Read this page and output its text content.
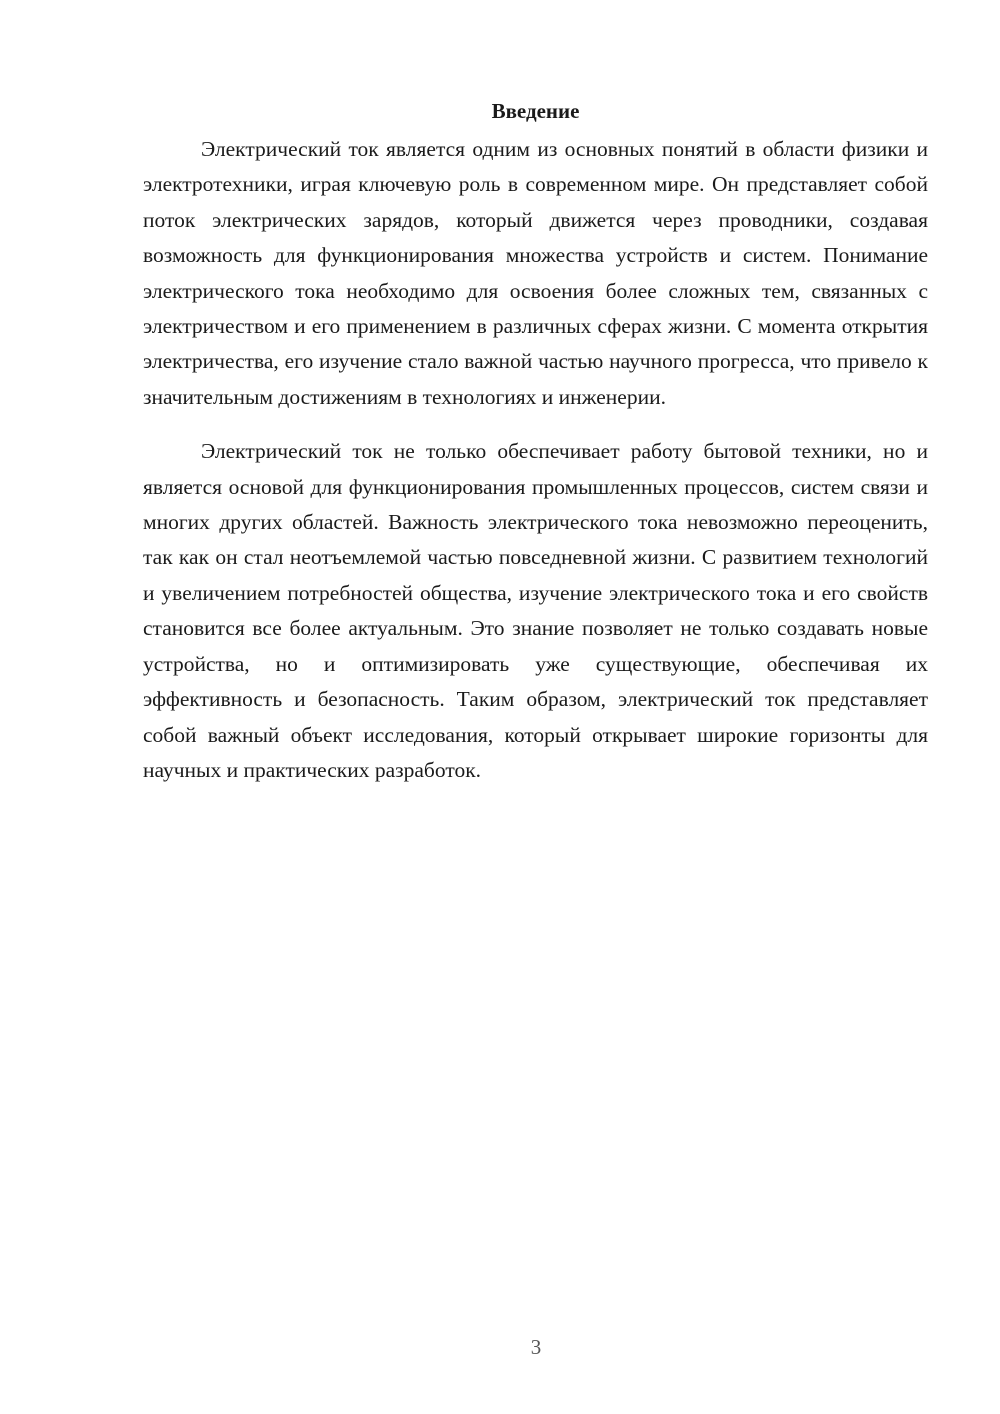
Введение

Электрический ток является одним из основных понятий в области физики и электротехники, играя ключевую роль в современном мире. Он представляет собой поток электрических зарядов, который движется через проводники, создавая возможность для функционирования множества устройств и систем. Понимание электрического тока необходимо для освоения более сложных тем, связанных с электричеством и его применением в различных сферах жизни. С момента открытия электричества, его изучение стало важной частью научного прогресса, что привело к значительным достижениям в технологиях и инженерии.

Электрический ток не только обеспечивает работу бытовой техники, но и является основой для функционирования промышленных процессов, систем связи и многих других областей. Важность электрического тока невозможно переоценить, так как он стал неотъемлемой частью повседневной жизни. С развитием технологий и увеличением потребностей общества, изучение электрического тока и его свойств становится все более актуальным. Это знание позволяет не только создавать новые устройства, но и оптимизировать уже существующие, обеспечивая их эффективность и безопасность. Таким образом, электрический ток представляет собой важный объект исследования, который открывает широкие горизонты для научных и практических разработок.

3
